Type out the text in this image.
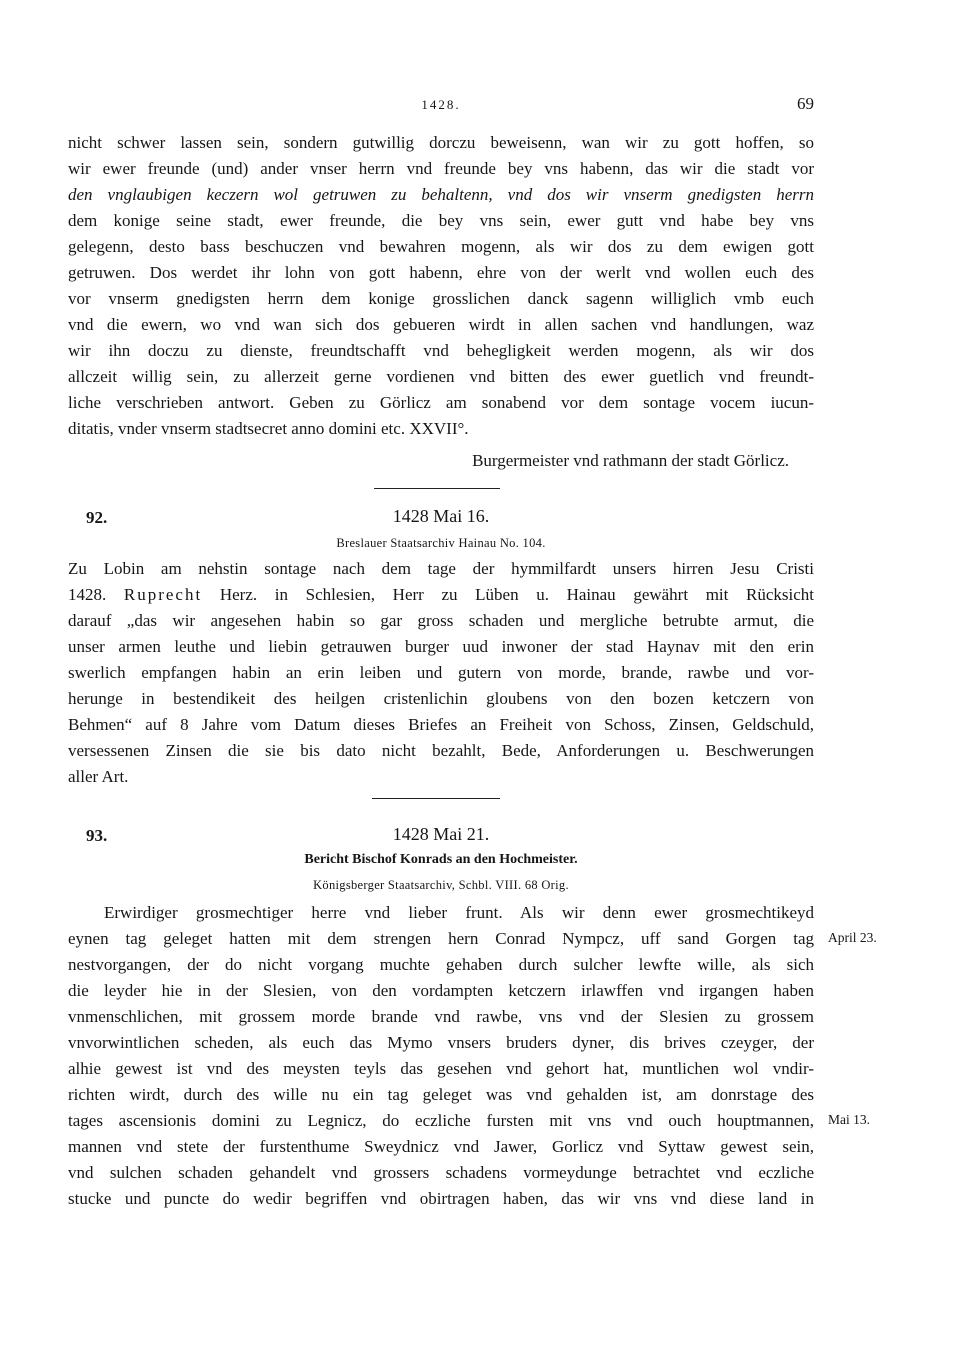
1428.	69
nicht schwer lassen sein, sondern gutwillig dorczu beweisenn, wan wir zu gott hoffen, so
wir ewer freunde (und) ander vnser herrn vnd freunde bey vns habenn, das wir die stadt vor
den vnglaubigen keczern wol getruwen zu behaltenn, vnd dos wir vnserm gnedigsten herrn
dem konige seine stadt, ewer freunde, die bey vns sein, ewer gutt vnd habe bey vns
gelegenn, desto bass beschuczen vnd bewahren mogenn, als wir dos zu dem ewigen gott
getruwen. Dos werdet ihr lohn von gott habenn, ehre von der werlt vnd wollen euch des
vor vnserm gnedigsten herrn dem konige grosslichen danck sagenn williglich vmb euch
vnd die ewern, wo vnd wan sich dos gebueren wirdt in allen sachen vnd handlungen, waz
wir ihn doczu zu dienste, freundtschafft vnd behegligkeit werden mogenn, als wir dos
allczeit willig sein, zu allerzeit gerne vordienen vnd bitten des ewer guetlich vnd freundt-
liche verschrieben antwort. Geben zu Görlicz am sonabend vor dem sontage vocem iucun-
ditatis, vnder vnserm stadtsecret anno domini etc. XXVII°.
Burgermeister vnd rathmann der stadt Görlicz.
92.	1428 Mai 16.
Breslauer Staatsarchiv Hainau No. 104.
Zu Lobin am nehstin sontage nach dem tage der hymmilfardt unsers hirren Jesu Cristi
1428. Ruprecht Herz. in Schlesien, Herr zu Lüben u. Hainau gewährt mit Rücksicht
darauf „das wir angesehen habin so gar gross schaden und mergliche betrubte armut, die
unser armen leuthe und liebin getrauwen burger uud inwoner der stad Haynav mit den erin
swerlich empfangen habin an erin leiben und gutern von morde, brande, rawbe und vor-
herunge in bestendikeit des heilgen cristenlichin gloubens von den bozen ketczern von
Behmen“ auf 8 Jahre vom Datum dieses Briefes an Freiheit von Schoss, Zinsen, Geldschuld,
versessenen Zinsen die sie bis dato nicht bezahlt, Bede, Anforderungen u. Beschwerungen
aller Art.
93.	1428 Mai 21.
Bericht Bischof Konrads an den Hochmeister.
Königsberger Staatsarchiv, Schbl. VIII. 68 Orig.
Erwirdiger grosmechtiger herre vnd lieber frunt. Als wir denn ewer grosmechtikeyd
eynen tag geleget hatten mit dem strengen hern Conrad Nympcz, uff sand Gorgen tag
nestvorgangen, der do nicht vorgang muchte gehaben durch sulcher lewfte wille, als sich
die leyder hie in der Slesien, von den vordampten ketczern irlawffen vnd irgangen haben
vnmenschlichen, mit grossem morde brande vnd rawbe, vns vnd der Slesien zu grossem
vnvorwintlichen scheden, als euch das Mymo vnsers bruders dyner, dis brives czeyger, der
alhie gewest ist vnd des meysten teyls das gesehen vnd gehort hat, muntlichen wol vndir-
richten wirdt, durch des wille nu ein tag geleget was vnd gehalden ist, am donrstage des
tages ascensionis domini zu Legnicz, do eczliche fursten mit vns vnd ouch houptmannen,
mannen vnd stete der furstenthume Sweydnicz vnd Jawer, Gorlicz vnd Syttaw gewest sein,
vnd sulchen schaden gehandelt vnd grossers schadens vormeydunge betrachtet vnd eczliche
stucke und puncte do wedir begriffen vnd obirtragen haben, das wir vns vnd diese land in
April 23.
Mai 13.
